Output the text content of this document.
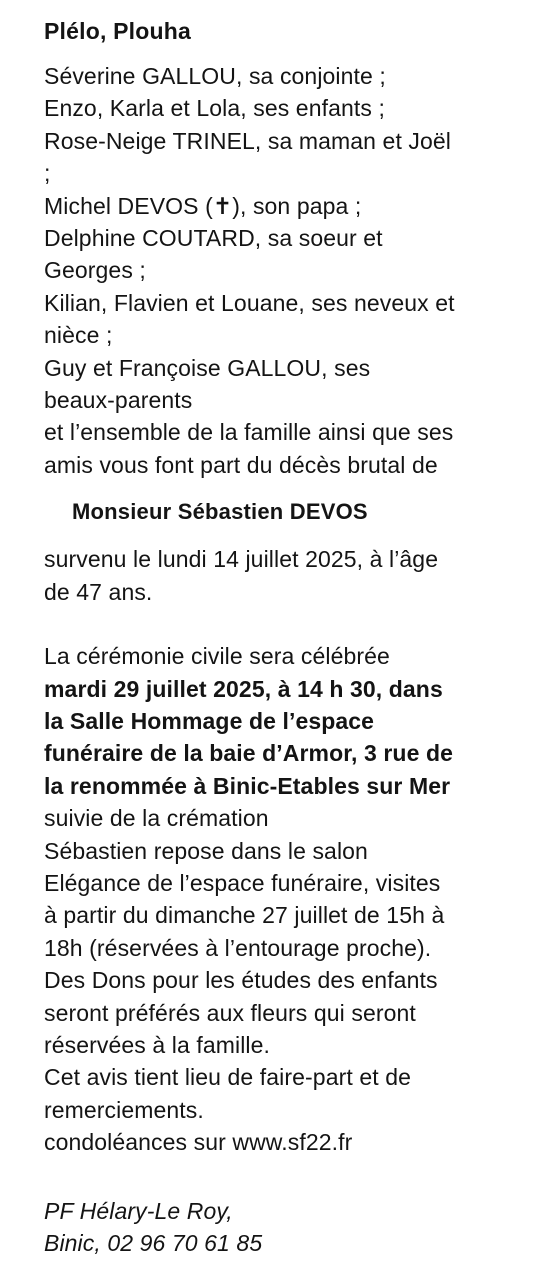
Plélo, Plouha
Séverine GALLOU, sa conjointe ;
Enzo, Karla et Lola, ses enfants ;
Rose-Neige TRINEL, sa maman et Joël
;
Michel DEVOS (✝), son papa ;
Delphine COUTARD, sa soeur et
Georges ;
Kilian, Flavien et Louane, ses neveux et
nièce ;
Guy et Françoise GALLOU, ses
beaux-parents
et l’ensemble de la famille ainsi que ses
amis vous font part du décès brutal de
Monsieur Sébastien DEVOS
survenu le lundi 14 juillet 2025, à l’âge
de 47 ans.
La cérémonie civile sera célébrée
mardi 29 juillet 2025, à 14 h 30, dans
la Salle Hommage de l’espace
funéraire de la baie d’Armor, 3 rue de
la renommée à Binic-Etables sur Mer
suivie de la crémation
Sébastien repose dans le salon
Elégance de l’espace funéraire, visites
à partir du dimanche 27 juillet de 15h à
18h (réservées à l’entourage proche).
Des Dons pour les études des enfants
seront préférés aux fleurs qui seront
réservées à la famille.
Cet avis tient lieu de faire-part et de
remerciements.
condoléances sur www.sf22.fr
PF Hélary-Le Roy,
Binic, 02 96 70 61 85
